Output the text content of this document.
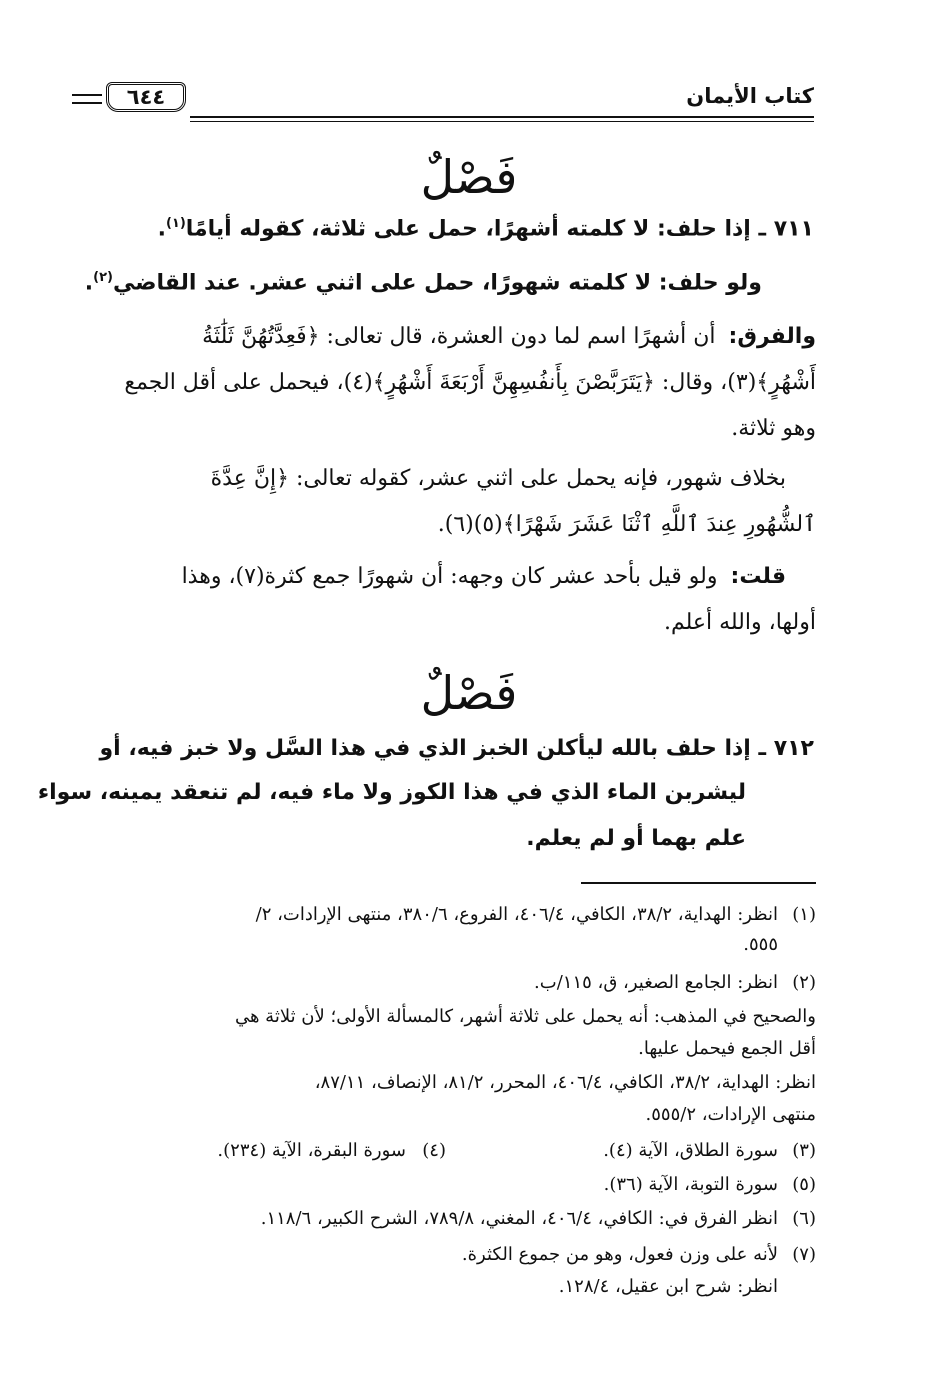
كتاب الأيمان
٦٤٤
فَصْلٌ
٧١١ ـ إذا حلف: لا كلمته أشهرًا، حمل على ثلاثة، كقوله أيامًا$^{(١)}$.
ولو حلف: لا كلمته شهورًا، حمل على اثني عشر. عند القاضي$^{(٢)}$.
والفرق: أن أشهرًا اسم لما دون العشرة، قال تعالى: ﴿فَعِدَّتُهُنَّ ثَلَٰثَةُ
أَشْهُرٍ﴾(٣)، وقال: ﴿يَتَرَبَّصْنَ بِأَنفُسِهِنَّ أَرْبَعَةَ أَشْهُرٍ﴾(٤)، فيحمل على أقل الجمع
وهو ثلاثة.
بخلاف شهور، فإنه يحمل على اثني عشر، كقوله تعالى: ﴿إِنَّ عِدَّةَ
ٱلشُّهُورِ عِندَ ٱللَّهِ ٱثْنَا عَشَرَ شَهْرًا﴾(٥)(٦).
قلت: ولو قيل بأحد عشر كان وجهه: أن شهورًا جمع كثرة(٧)، وهذا
أولها، والله أعلم.
فَصْلٌ
٧١٢ ـ إذا حلف بالله ليأكلن الخبز الذي في هذا السَّل ولا خبز فيه، أو
ليشربن الماء الذي في هذا الكوز ولا ماء فيه، لم تنعقد يمينه، سواء
علم بهما أو لم يعلم.
(١)
انظر: الهداية، ٣٨/٢، الكافي، ٤٠٦/٤، الفروع، ٣٨٠/٦، منتهى الإرادات، ٢/
٥٥٥.
(٢)
انظر: الجامع الصغير، ق، ١١٥/ب.
والصحيح في المذهب: أنه يحمل على ثلاثة أشهر، كالمسألة الأولى؛ لأن ثلاثة هي
أقل الجمع فيحمل عليها.
انظر: الهداية، ٣٨/٢، الكافي، ٤٠٦/٤، المحرر، ٨١/٢، الإنصاف، ٨٧/١١،
منتهى الإرادات، ٥٥٥/٢.
(٣)
سورة الطلاق، الآية (٤).
(٤)
سورة البقرة، الآية (٢٣٤).
(٥)
سورة التوبة، الآية (٣٦).
(٦)
انظر الفرق في: الكافي، ٤٠٦/٤، المغني، ٧٨٩/٨، الشرح الكبير، ١١٨/٦.
(٧)
لأنه على وزن فعول، وهو من جموع الكثرة.
انظر: شرح ابن عقيل، ١٢٨/٤.
